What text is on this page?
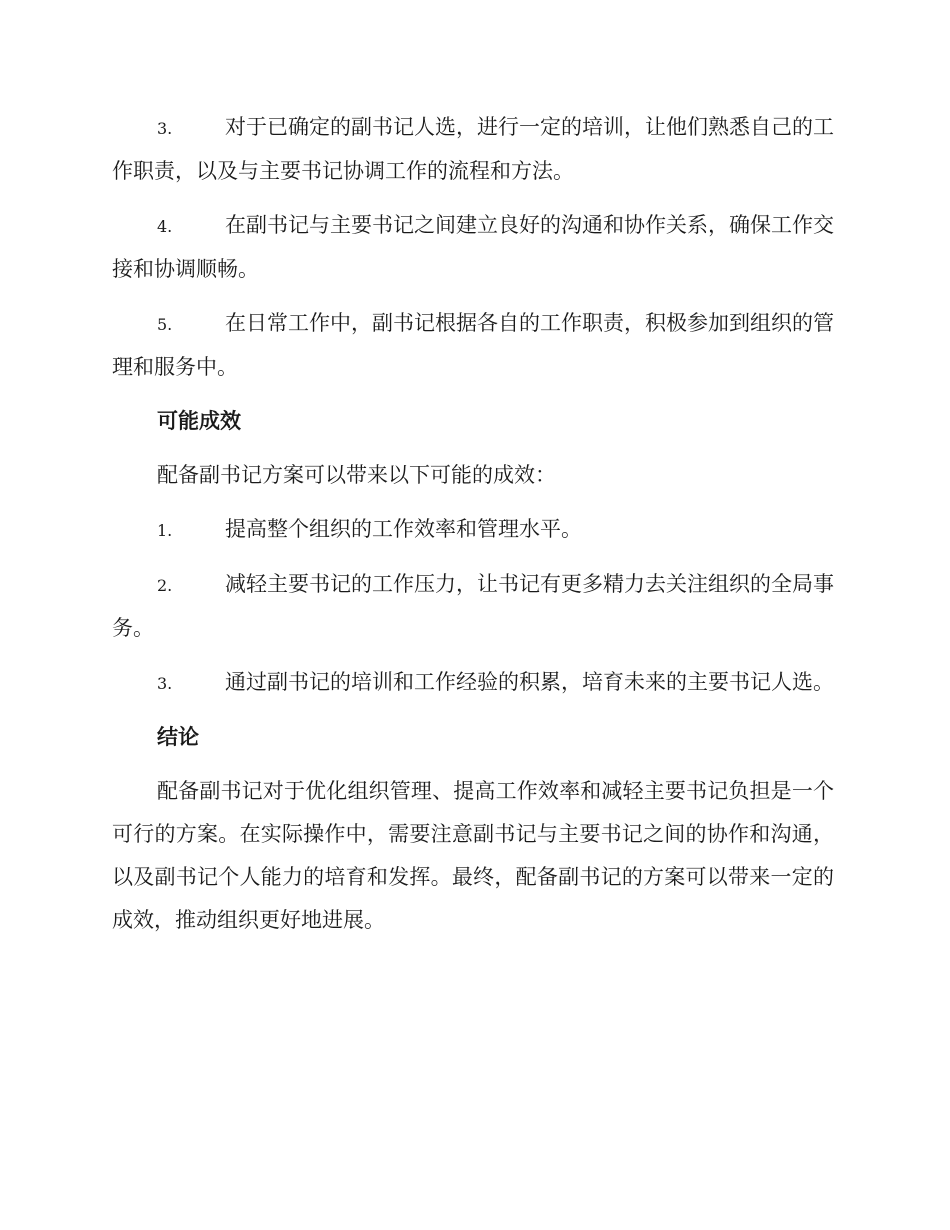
3.	对于已确定的副书记人选，进行一定的培训，让他们熟悉自己的工作职责，以及与主要书记协调工作的流程和方法。

4.	在副书记与主要书记之间建立良好的沟通和协作关系，确保工作交接和协调顺畅。

5.	在日常工作中，副书记根据各自的工作职责，积极参加到组织的管理和服务中。

可能成效

配备副书记方案可以带来以下可能的成效：

1.	提高整个组织的工作效率和管理水平。

2.	减轻主要书记的工作压力，让书记有更多精力去关注组织的全局事务。

3.	通过副书记的培训和工作经验的积累，培育未来的主要书记人选。

结论

配备副书记对于优化组织管理、提高工作效率和减轻主要书记负担是一个可行的方案。在实际操作中，需要注意副书记与主要书记之间的协作和沟通，以及副书记个人能力的培育和发挥。最终，配备副书记的方案可以带来一定的成效，推动组织更好地进展。
